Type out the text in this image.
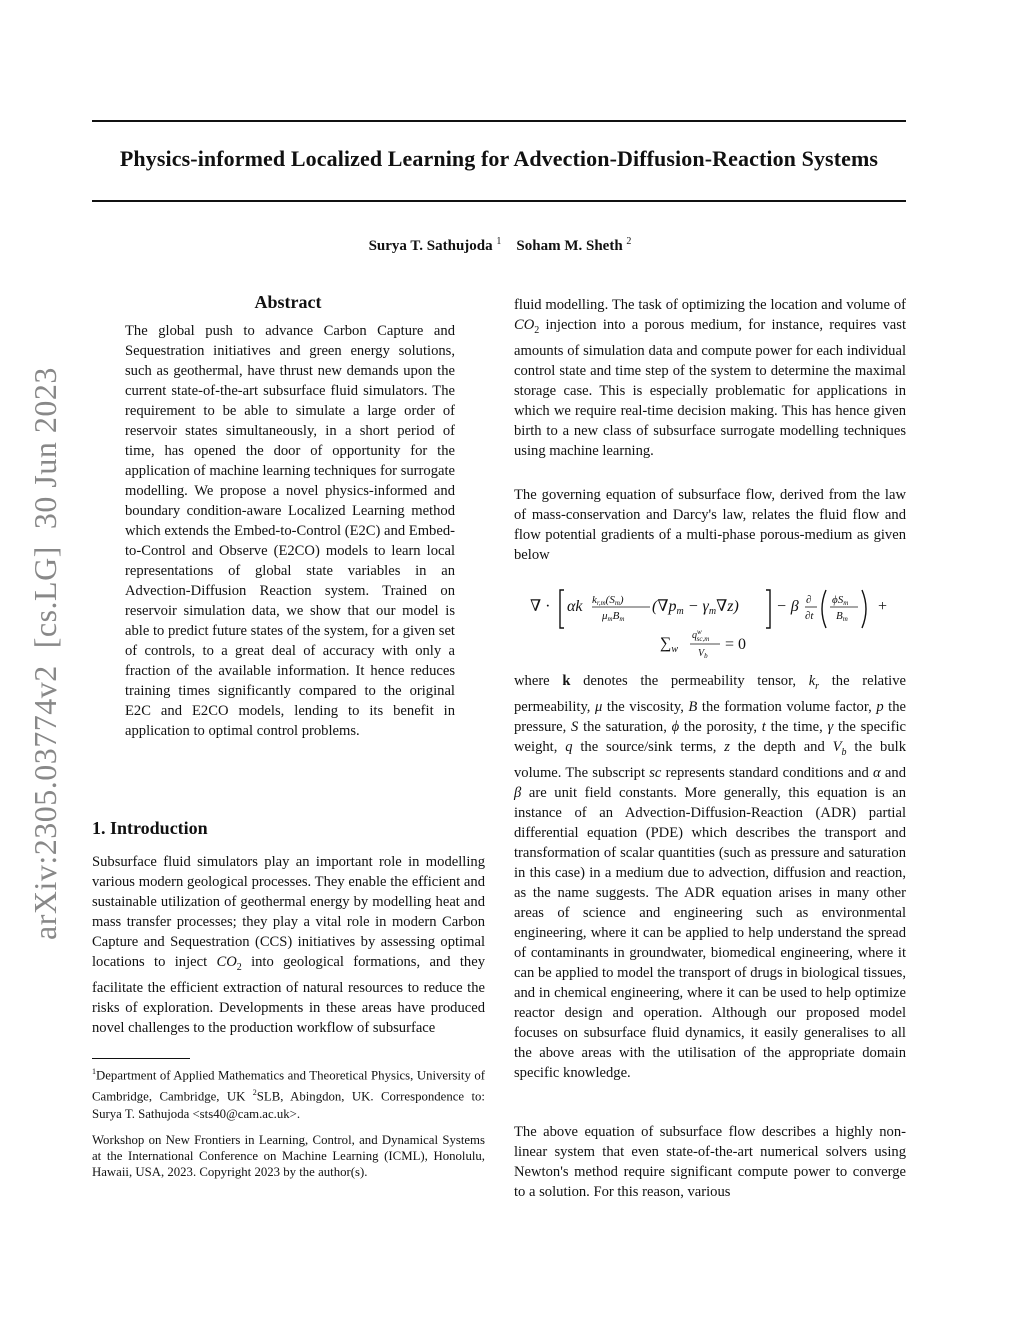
Physics-informed Localized Learning for Advection-Diffusion-Reaction Systems
Surya T. Sathujoda $^1$ Soham M. Sheth $^2$
arXiv:2305.03774v2  [cs.LG]  30 Jun 2023
Abstract
The global push to advance Carbon Capture and Sequestration initiatives and green energy solutions, such as geothermal, have thrust new demands upon the current state-of-the-art subsurface fluid simulators. The requirement to be able to simulate a large order of reservoir states simultaneously, in a short period of time, has opened the door of opportunity for the application of machine learning techniques for surrogate modelling. We propose a novel physics-informed and boundary condition-aware Localized Learning method which extends the Embed-to-Control (E2C) and Embed-to-Control and Observe (E2CO) models to learn local representations of global state variables in an Advection-Diffusion Reaction system. Trained on reservoir simulation data, we show that our model is able to predict future states of the system, for a given set of controls, to a great deal of accuracy with only a fraction of the available information. It hence reduces training times significantly compared to the original E2C and E2CO models, lending to its benefit in application to optimal control problems.
1. Introduction
Subsurface fluid simulators play an important role in modelling various modern geological processes. They enable the efficient and sustainable utilization of geothermal energy by modelling heat and mass transfer processes; they play a vital role in modern Carbon Capture and Sequestration (CCS) initiatives by assessing optimal locations to inject $CO_2$ into geological formations, and they facilitate the efficient extraction of natural resources to reduce the risks of exploration. Developments in these areas have produced novel challenges to the production workflow of subsurface
$^1$Department of Applied Mathematics and Theoretical Physics, University of Cambridge, Cambridge, UK $^2$SLB, Abingdon, UK. Correspondence to: Surya T. Sathujoda <sts40@cam.ac.uk>.
Workshop on New Frontiers in Learning, Control, and Dynamical Systems at the International Conference on Machine Learning (ICML), Honolulu, Hawaii, USA, 2023. Copyright 2023 by the author(s).
fluid modelling. The task of optimizing the location and volume of $CO_2$ injection into a porous medium, for instance, requires vast amounts of simulation data and compute power for each individual control state and time step of the system to determine the maximal storage case. This is especially problematic for applications in which we require real-time decision making. This has hence given birth to a new class of subsurface surrogate modelling techniques using machine learning.
The governing equation of subsurface flow, derived from the law of mass-conservation and Darcy's law, relates the fluid flow and flow potential gradients of a multi-phase porous-medium as given below
∇ · αk kr,m(Sm)
μmBm
(∇pm − γm∇z) − β ∂
∂t
ϕSm
Bm
+
$\sum_w$
$q^w$ sc,m
$V_b$
= 0
where k denotes the permeability tensor, $k_r$ the relative permeability, μ the viscosity, B the formation volume factor, p the pressure, S the saturation, ϕ the porosity, t the time, γ the specific weight, q the source/sink terms, z the depth and $V_b$ the bulk volume. The subscript sc represents standard conditions and α and β are unit field constants. More generally, this equation is an instance of an Advection-Diffusion-Reaction (ADR) partial differential equation (PDE) which describes the transport and transformation of scalar quantities (such as pressure and saturation in this case) in a medium due to advection, diffusion and reaction, as the name suggests. The ADR equation arises in many other areas of science and engineering such as environmental engineering, where it can be applied to help understand the spread of contaminants in groundwater, biomedical engineering, where it can be applied to model the transport of drugs in biological tissues, and in chemical engineering, where it can be used to help optimize reactor design and operation. Although our proposed model focuses on subsurface fluid dynamics, it easily generalises to all the above areas with the utilisation of the appropriate domain specific knowledge.
The above equation of subsurface flow describes a highly non-linear system that even state-of-the-art numerical solvers using Newton's method require significant compute power to converge to a solution. For this reason, various
